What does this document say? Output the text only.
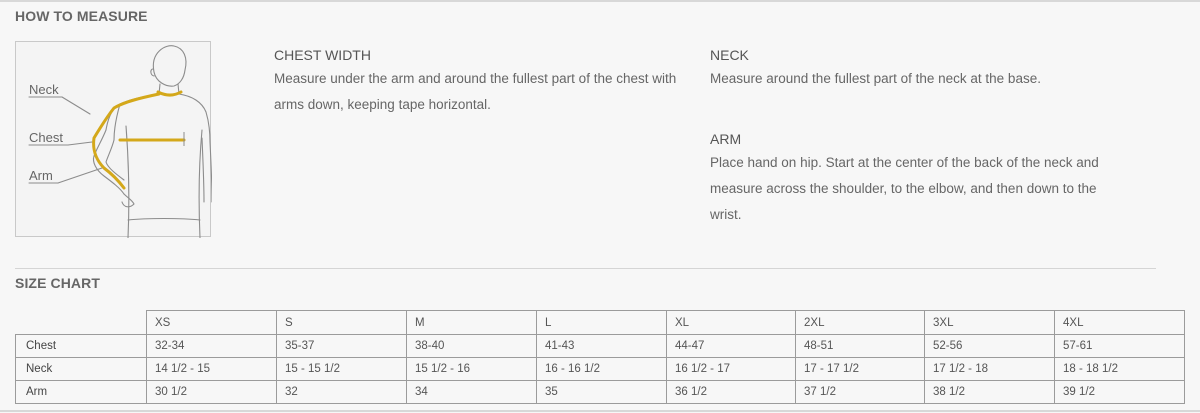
HOW TO MEASURE
Neck
Chest
Arm
CHEST WIDTH
Measure under the arm and around the fullest part of the chest with arms down, keeping tape horizontal.
NECK
Measure around the fullest part of the neck at the base.
ARM
Place hand on hip. Start at the center of the back of the neck and measure across the shoulder, to the elbow, and then down to the wrist.
SIZE CHART
	XS	S	M	L	XL	2XL	3XL	4XL
Chest	32-34	35-37	38-40	41-43	44-47	48-51	52-56	57-61
Neck	14 1/2 - 15	15 - 15 1/2	15 1/2 - 16	16 - 16 1/2	16 1/2 - 17	17 - 17 1/2	17 1/2 - 18	18 - 18 1/2
Arm	30 1/2	32	34	35	36 1/2	37 1/2	38 1/2	39 1/2
